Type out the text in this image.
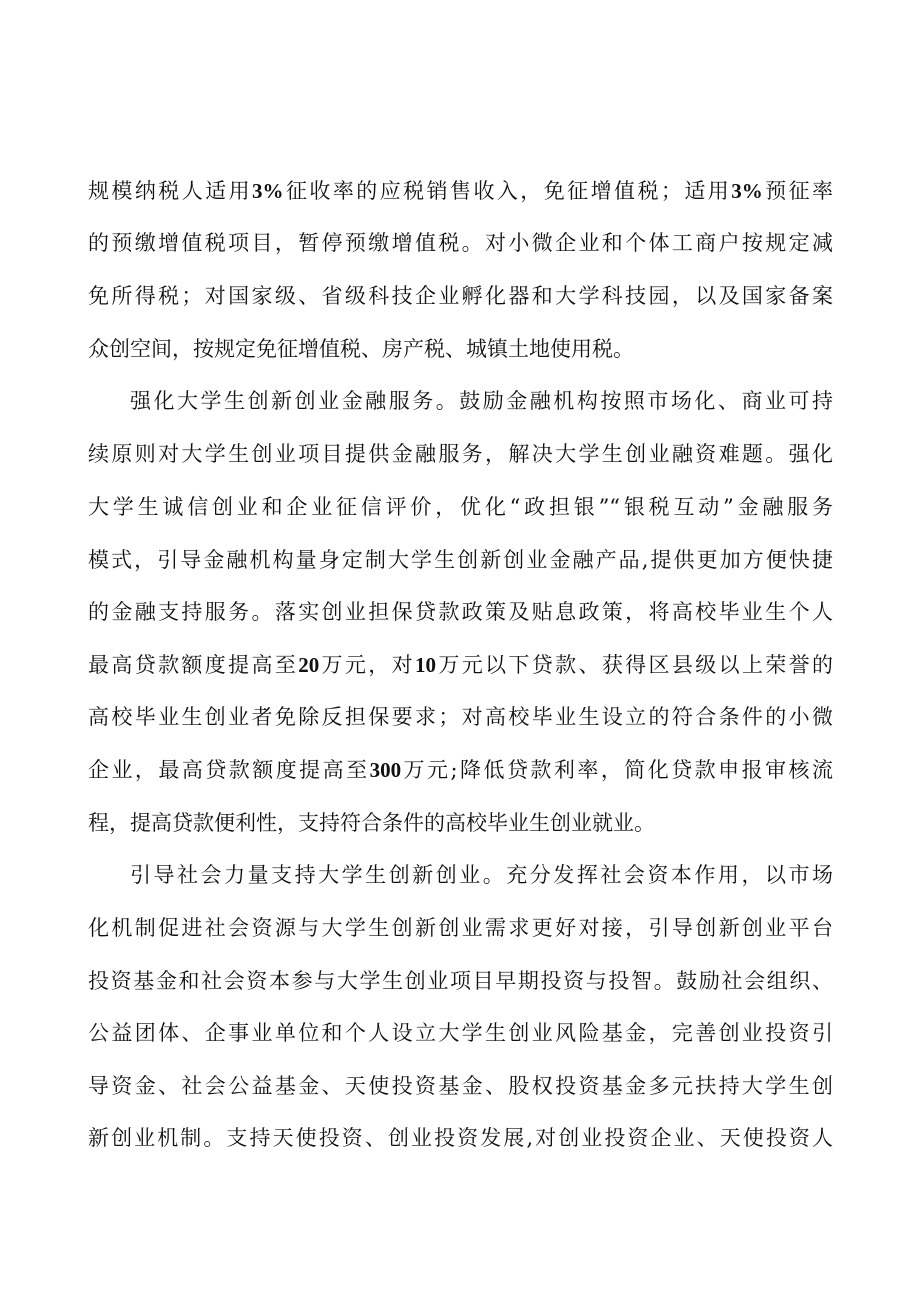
规模纳税人适用3%征收率的应税销售收入，免征增值税；适用3%预征率
的预缴增值税项目，暂停预缴增值税。对小微企业和个体工商户按规定减
免所得税；对国家级、省级科技企业孵化器和大学科技园，以及国家备案
众创空间，按规定免征增值税、房产税、城镇土地使用税。
强化大学生创新创业金融服务。鼓励金融机构按照市场化、商业可持
续原则对大学生创业项目提供金融服务，解决大学生创业融资难题。强化
大学生诚信创业和企业征信评价，优化“政担银”“银税互动”金融服务
模式，引导金融机构量身定制大学生创新创业金融产品,提供更加方便快捷
的金融支持服务。落实创业担保贷款政策及贴息政策，将高校毕业生个人
最高贷款额度提高至20万元，对10万元以下贷款、获得区县级以上荣誉的
高校毕业生创业者免除反担保要求；对高校毕业生设立的符合条件的小微
企业，最高贷款额度提高至300万元;降低贷款利率，简化贷款申报审核流
程，提高贷款便利性，支持符合条件的高校毕业生创业就业。
引导社会力量支持大学生创新创业。充分发挥社会资本作用，以市场
化机制促进社会资源与大学生创新创业需求更好对接，引导创新创业平台
投资基金和社会资本参与大学生创业项目早期投资与投智。鼓励社会组织、
公益团体、企事业单位和个人设立大学生创业风险基金，完善创业投资引
导资金、社会公益基金、天使投资基金、股权投资基金多元扶持大学生创
新创业机制。支持天使投资、创业投资发展,对创业投资企业、天使投资人
